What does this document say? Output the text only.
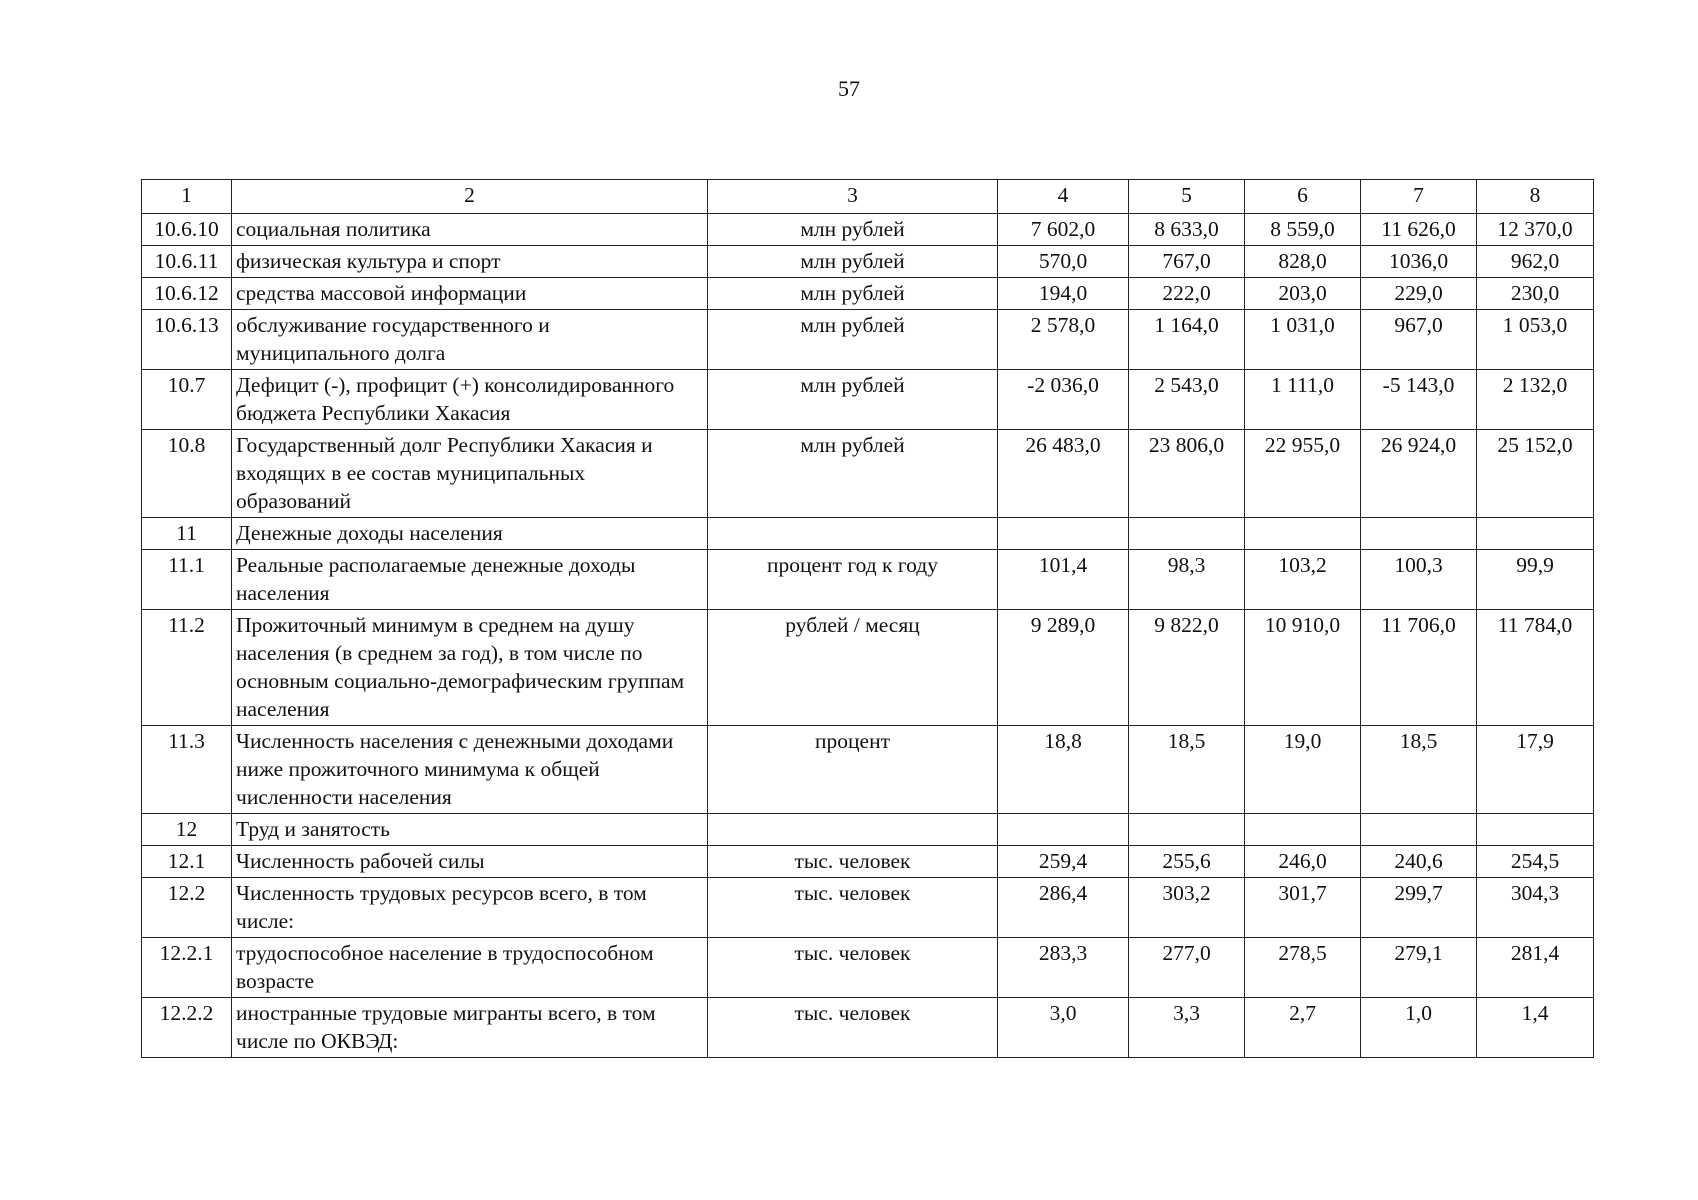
57
1	2	3	4	5	6	7	8
10.6.10	социальная политика	млн рублей	7 602,0	8 633,0	8 559,0	11 626,0	12 370,0
10.6.11	физическая культура и спорт	млн рублей	570,0	767,0	828,0	1036,0	962,0
10.6.12	средства массовой информации	млн рублей	194,0	222,0	203,0	229,0	230,0
10.6.13	обслуживание государственного и муниципального долга	млн рублей	2 578,0	1 164,0	1 031,0	967,0	1 053,0
10.7	Дефицит (-), профицит (+) консолидированного бюджета Республики Хакасия	млн рублей	-2 036,0	2 543,0	1 111,0	-5 143,0	2 132,0
10.8	Государственный долг Республики Хакасия и входящих в ее состав муниципальных образований	млн рублей	26 483,0	23 806,0	22 955,0	26 924,0	25 152,0
11	Денежные доходы населения						
11.1	Реальные располагаемые денежные доходы населения	процент год к году	101,4	98,3	103,2	100,3	99,9
11.2	Прожиточный минимум в среднем на душу населения (в среднем за год), в том числе по основным социально-демографическим группам населения	рублей / месяц	9 289,0	9 822,0	10 910,0	11 706,0	11 784,0
11.3	Численность населения с денежными доходами ниже прожиточного минимума к общей численности населения	процент	18,8	18,5	19,0	18,5	17,9
12	Труд и занятость						
12.1	Численность рабочей силы	тыс. человек	259,4	255,6	246,0	240,6	254,5
12.2	Численность трудовых ресурсов всего, в том числе:	тыс. человек	286,4	303,2	301,7	299,7	304,3
12.2.1	трудоспособное население в трудоспособном возрасте	тыс. человек	283,3	277,0	278,5	279,1	281,4
12.2.2	иностранные трудовые мигранты всего, в том числе по ОКВЭД:	тыс. человек	3,0	3,3	2,7	1,0	1,4
